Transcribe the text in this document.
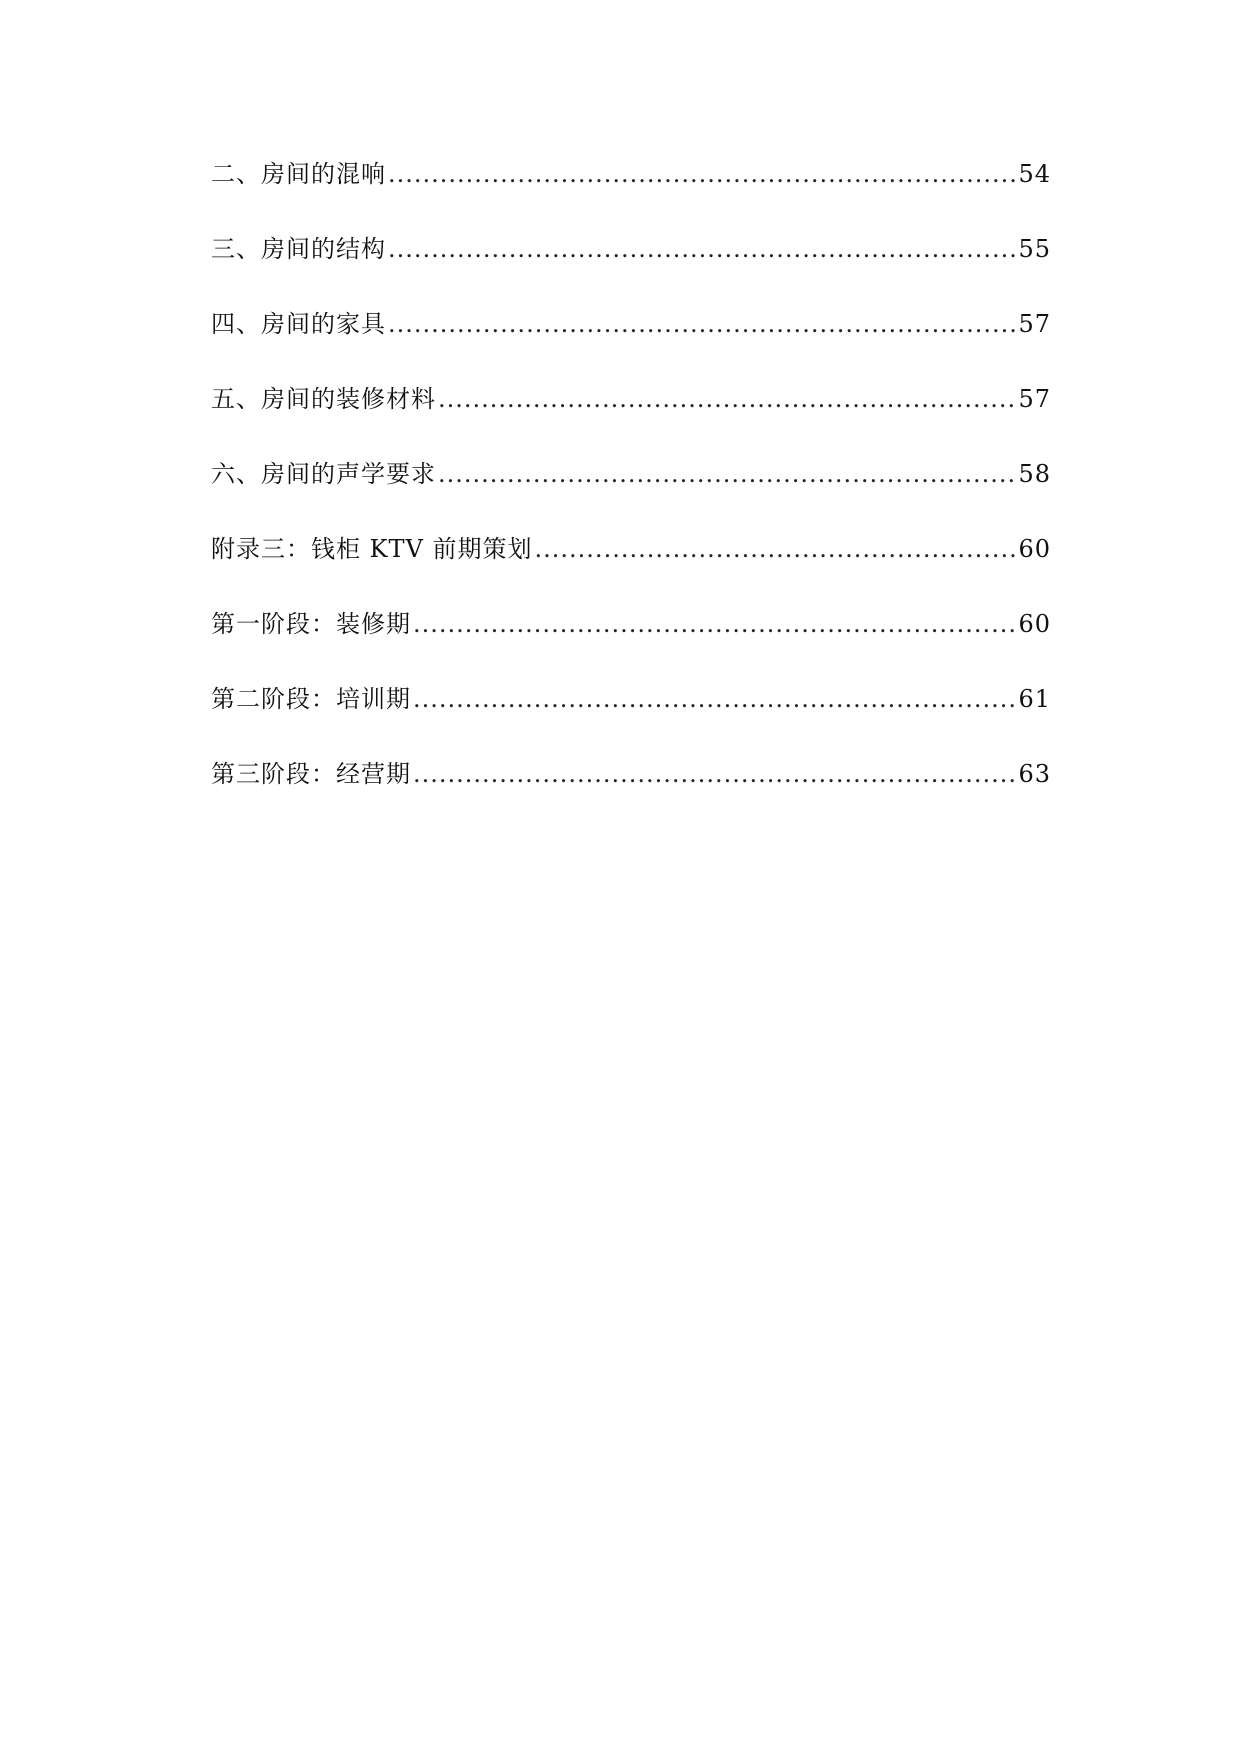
二、房间的混响 .....	54
三、房间的结构 .....	55
四、房间的家具 .....	57
五、房间的装修材料 .....	57
六、房间的声学要求 .....	58
附录三：钱柜 KTV 前期策划 .....	60
第一阶段：装修期 .....	60
第二阶段：培训期 .....	61
第三阶段：经营期 .....	63
